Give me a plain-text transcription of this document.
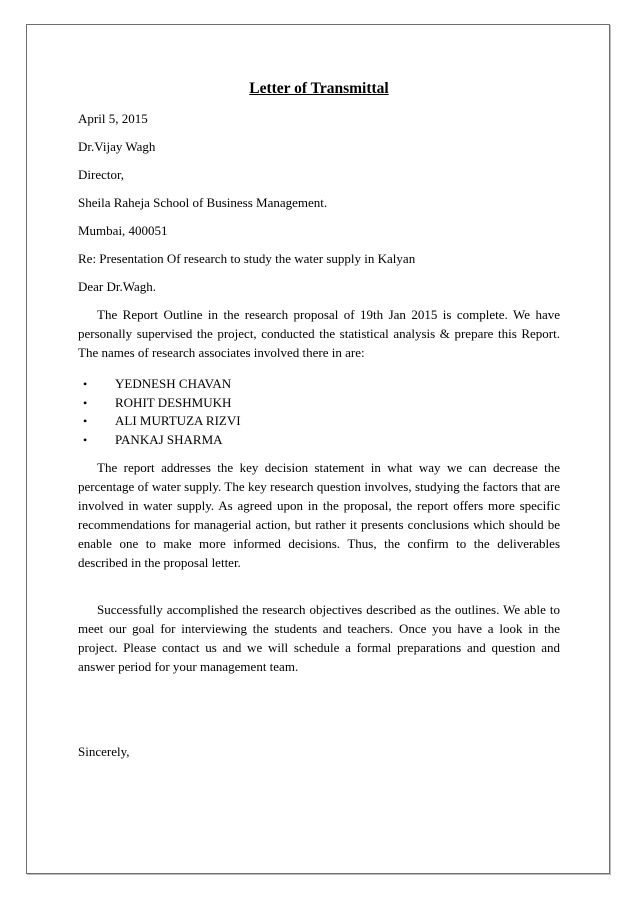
Letter of Transmittal
April 5, 2015
Dr.Vijay Wagh
Director,
Sheila Raheja School of Business Management.
Mumbai, 400051
Re: Presentation Of research to study the water supply in Kalyan
Dear Dr.Wagh.

The Report Outline in the research proposal of 19th Jan 2015 is complete. We have personally supervised the project, conducted the statistical analysis & prepare this Report. The names of research associates involved there in are:

• YEDNESH CHAVAN
• ROHIT DESHMUKH
• ALI MURTUZA RIZVI
• PANKAJ SHARMA

The report addresses the key decision statement in what way we can decrease the percentage of water supply. The key research question involves, studying the factors that are involved in water supply. As agreed upon in the proposal, the report offers more specific recommendations for managerial action, but rather it presents conclusions which should be enable one to make more informed decisions. Thus, the confirm to the deliverables described in the proposal letter.

Successfully accomplished the research objectives described as the outlines. We able to meet our goal for interviewing the students and teachers. Once you have a look in the project. Please contact us and we will schedule a formal preparations and question and answer period for your management team.

Sincerely,
